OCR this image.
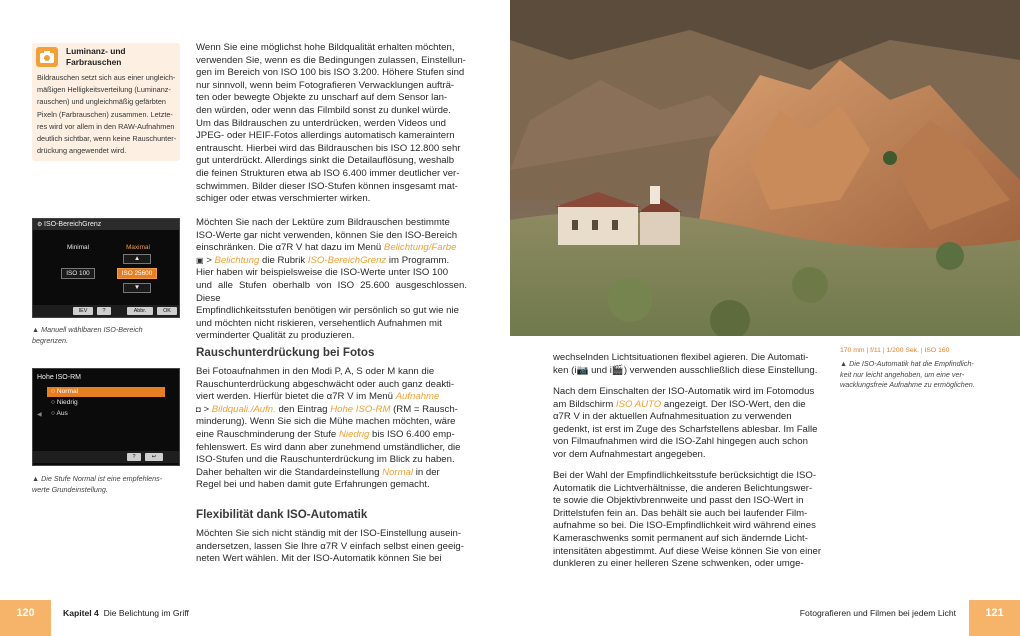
Luminanz- und Farbrauschen
Bildrauschen setzt sich aus einer ungleich-
mäßigen Helligkeitsverteilung (Luminanz-
rauschen) und ungleichmäßig gefärbten
Pixeln (Farbrauschen) zusammen. Letzte-
res wird vor allem in den RAW-Aufnahmen
deutlich sichtbar, wenn keine Rauschunter-
drückung angewendet wird.
⚙ ISO-BereichGrenz
Minimal	Maximal
▲
ISO 100	ISO 25600
▼
IEV	?	Abbr.	OK
▲ Manuell wählbaren ISO-Bereich
begrenzen.
Hohe ISO-RM
○ Normal
○ Niedrig
○ Aus
◀
?	↩
▲ Die Stufe Normal ist eine empfehlens-
werte Grundeinstellung.
Wenn Sie eine möglichst hohe Bildqualität erhalten möchten,
verwenden Sie, wenn es die Bedingungen zulassen, Einstellun-
gen im Bereich von ISO 100 bis ISO 3.200. Höhere Stufen sind
nur sinnvoll, wenn beim Fotografieren Verwacklungen aufträ-
ten oder bewegte Objekte zu unscharf auf dem Sensor lan-
den würden, oder wenn das Filmbild sonst zu dunkel würde.
Um das Bildrauschen zu unterdrücken, werden Videos und
JPEG- oder HEIF-Fotos allerdings automatisch kameraintern
entrauscht. Hierbei wird das Bildrauschen bis ISO 12.800 sehr
gut unterdrückt. Allerdings sinkt die Detailauflösung, weshalb
die feinen Strukturen etwa ab ISO 6.400 immer deutlicher ver-
schwimmen. Bilder dieser ISO-Stufen können insgesamt mat-
schiger oder etwas verschmierter wirken.
Möchten Sie nach der Lektüre zum Bildrauschen bestimmte
ISO-Werte gar nicht verwenden, können Sie den ISO-Bereich
einschränken. Die α7R V hat dazu im Menü Belichtung/Farbe
▣ > Belichtung die Rubrik ISO-BereichGrenz im Programm.
Hier haben wir beispielsweise die ISO-Werte unter ISO 100
und alle Stufen oberhalb von ISO 25.600 ausgeschlossen. Diese
Empfindlichkeitsstufen benötigen wir persönlich so gut wie nie
und möchten nicht riskieren, versehentlich Aufnahmen mit
verminderter Qualität zu produzieren.
Rauschunterdrückung bei Fotos
Bei Fotoaufnahmen in den Modi P, A, S oder M kann die
Rauschunterdrückung abgeschwächt oder auch ganz deakti-
viert werden. Hierfür bietet die α7R V im Menü Aufnahme
◘ > Bildquali./Aufn. den Eintrag Hohe ISO-RM (RM = Rausch-
minderung). Wenn Sie sich die Mühe machen möchten, wäre
eine Rauschminderung der Stufe Niedrig bis ISO 6.400 emp-
fehlenswert. Es wird dann aber zunehmend umständlicher, die
ISO-Stufen und die Rauschunterdrückung im Blick zu haben.
Daher behalten wir die Standardeinstellung Normal in der
Regel bei und haben damit gute Erfahrungen gemacht.
Flexibilität dank ISO-Automatik
Möchten Sie sich nicht ständig mit der ISO-Einstellung ausein-
andersetzen, lassen Sie Ihre α7R V einfach selbst einen geeig-
neten Wert wählen. Mit der ISO-Automatik können Sie bei
wechselnden Lichtsituationen flexibel agieren. Die Automati-
ken (i📷 und i🎬) verwenden ausschließlich diese Einstellung.
Nach dem Einschalten der ISO-Automatik wird im Fotomodus
am Bildschirm ISO AUTO angezeigt. Der ISO-Wert, den die
α7R V in der aktuellen Aufnahmesituation zu verwenden
gedenkt, ist erst im Zuge des Scharfstellens ablesbar. Im Falle
von Filmaufnahmen wird die ISO-Zahl hingegen auch schon
vor dem Aufnahmestart angegeben.
Bei der Wahl der Empfindlichkeitsstufe berücksichtigt die ISO-
Automatik die Lichtverhältnisse, die anderen Belichtungswer-
te sowie die Objektivbrennweite und passt den ISO-Wert in
Drittelstufen fein an. Das behält sie auch bei laufender Film-
aufnahme so bei. Die ISO-Empfindlichkeit wird während eines
Kameraschwenks somit permanent auf sich ändernde Licht-
intensitäten abgestimmt. Auf diese Weise können Sie von einer
dunkleren zu einer helleren Szene schwenken, oder umge-
170 mm | f/11 | 1/200 Sek. | ISO 160
▲ Die ISO-Automatik hat die Empfindlich-
keit nur leicht angehoben, um eine ver-
wacklungsfreie Aufnahme zu ermöglichen.
120	Kapitel 4 Die Belichtung im Griff	Fotografieren und Filmen bei jedem Licht	121
